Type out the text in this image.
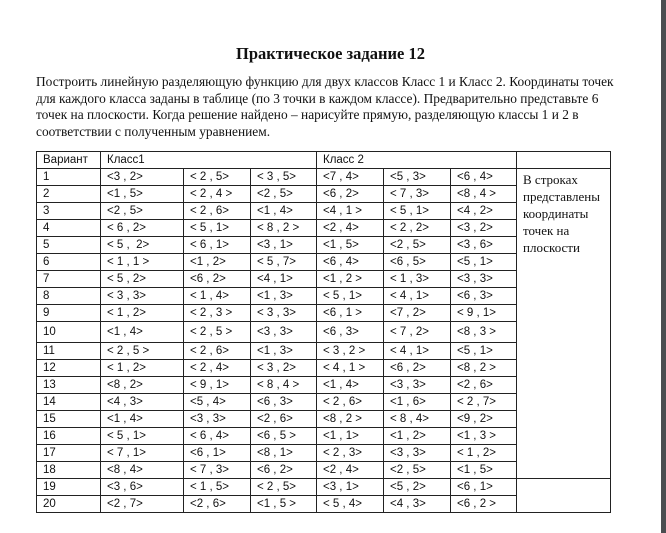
Практическое задание 12
Построить линейную разделяющую функцию для двух классов Класс 1 и Класс 2. Координаты точек для каждого класса заданы в таблице (по 3 точки в каждом классе). Предварительно представьте 6 точек на плоскости. Когда решение найдено – нарисуйте прямую, разделяющую классы 1 и 2 в соответствии с полученным уравнением.
Вариант	Класс1			Класс 2			
1	<3 , 2>	< 2 , 5>	< 3 , 5>	<7 , 4>	<5 , 3>	<6 , 4>	В строках представлены координаты точек на плоскости
2	<1 , 5>	< 2 , 4 >	<2 , 5>	<6 , 2>	< 7 , 3>	<8 , 4 >	
3	<2 , 5>	< 2 , 6>	<1 , 4>	<4 , 1 >	< 5 , 1>	<4 , 2>	
4	< 6 , 2>	< 5 , 1>	< 8 , 2 >	<2 , 4>	< 2 , 2>	<3 , 2>	
5	< 5 ,  2>	< 6 , 1>	<3 , 1>	<1 , 5>	<2 , 5>	<3 , 6>	
6	< 1 , 1 >	<1 , 2>	< 5 , 7>	<6 , 4>	<6 , 5>	<5 , 1>	
7	< 5 , 2>	<6 , 2>	<4 , 1>	<1 , 2 >	< 1 , 3>	<3 , 3>	
8	< 3 , 3>	< 1 , 4>	<1 , 3>	< 5 , 1>	< 4 , 1>	<6 , 3>	
9	< 1 , 2>	< 2 , 3 >	< 3 , 3>	<6 , 1 >	<7 , 2>	< 9 , 1>	
10	<1 , 4>	< 2 , 5 >	<3 , 3>	<6 , 3>	< 7 , 2>	<8 , 3 >	
11	< 2 , 5 >	< 2 , 6>	<1 , 3>	< 3 , 2 >	< 4 , 1>	<5 , 1>	
12	< 1 , 2>	< 2 , 4>	< 3 , 2>	< 4 , 1 >	<6 , 2>	<8 , 2 >	
13	<8 , 2>	< 9 , 1>	< 8 , 4 >	<1 , 4>	<3 , 3>	<2 , 6>	
14	<4 , 3>	<5 , 4>	<6 , 3>	< 2 , 6>	<1 , 6>	< 2 , 7>	
15	<1 , 4>	<3 , 3>	<2 , 6>	<8 , 2 >	< 8 , 4>	<9 , 2>	
16	< 5 , 1>	< 6 , 4>	<6 , 5 >	<1 , 1>	<1 , 2>	<1 , 3 >	
17	< 7 , 1>	<6 , 1>	<8 , 1>	< 2 , 3>	<3 , 3>	< 1 , 2>	
18	<8 , 4>	< 7 , 3>	<6 , 2>	<2 , 4>	<2 , 5>	<1 , 5>	
19	<3 , 6>	< 1 , 5>	< 2 , 5>	<3 , 1>	<5 , 2>	<6 , 1>	
20	<2 , 7>	<2 , 6>	<1 , 5 >	< 5 , 4>	<4 , 3>	<6 , 2 >	
